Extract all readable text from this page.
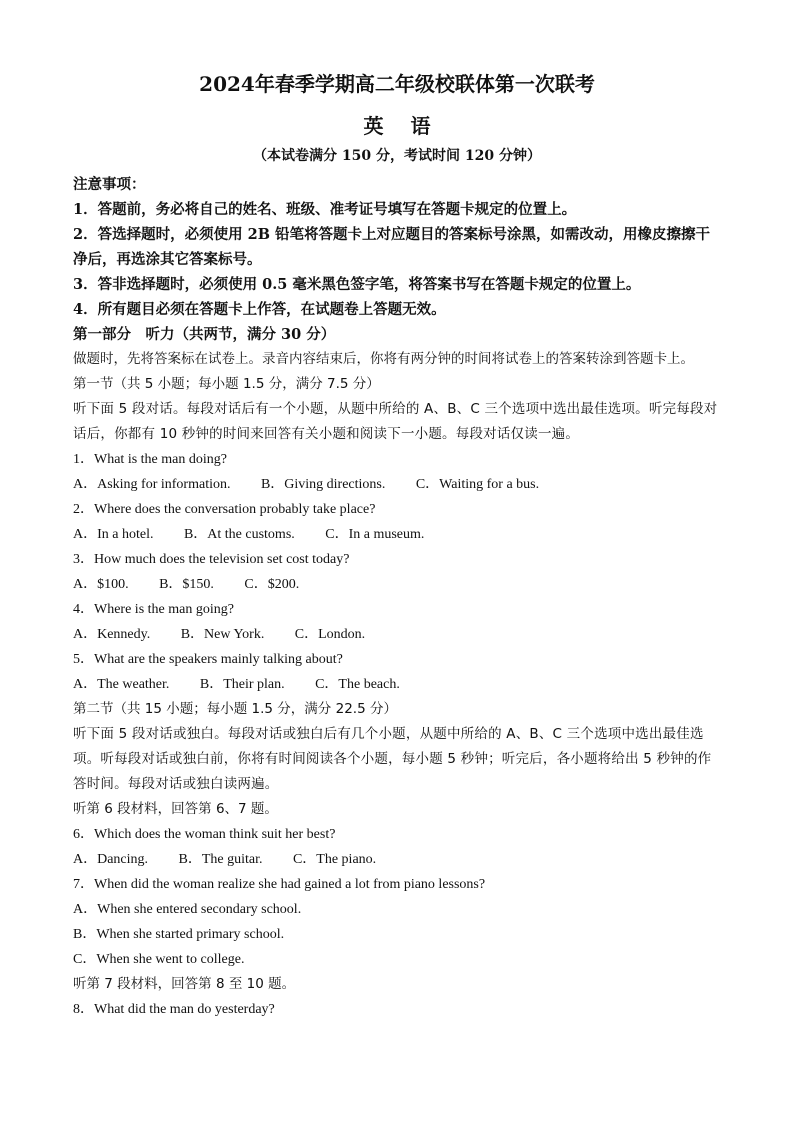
2024年春季学期高二年级校联体第一次联考
英 语
（本试卷满分 150 分，考试时间 120 分钟）
注意事项：
1．答题前，务必将自己的姓名、班级、准考证号填写在答题卡规定的位置上。
2．答选择题时，必须使用 2B 铅笔将答题卡上对应题目的答案标号涂黑，如需改动，用橡皮擦擦干净后，再选涂其它答案标号。
3．答非选择题时，必须使用 0.5 毫米黑色签字笔，将答案书写在答题卡规定的位置上。
4．所有题目必须在答题卡上作答，在试题卷上答题无效。
第一部分　听力（共两节，满分 30 分）
做题时，先将答案标在试卷上。录音内容结束后，你将有两分钟的时间将试卷上的答案转涂到答题卡上。
第一节（共 5 小题；每小题 1.5 分，满分 7.5 分）
听下面 5 段对话。每段对话后有一个小题，从题中所给的 A、B、C 三个选项中选出最佳选项。听完每段对话后，你都有 10 秒钟的时间来回答有关小题和阅读下一小题。每段对话仅读一遍。
1．What is the man doing?
A．Asking for information. B．Giving directions. C．Waiting for a bus.
2．Where does the conversation probably take place?
A．In a hotel. B．At the customs. C．In a museum.
3．How much does the television set cost today?
A．$100. B．$150. C．$200.
4．Where is the man going?
A．Kennedy. B．New York. C．London.
5．What are the speakers mainly talking about?
A．The weather. B．Their plan. C．The beach.
第二节（共 15 小题；每小题 1.5 分，满分 22.5 分）
听下面 5 段对话或独白。每段对话或独白后有几个小题，从题中所给的 A、B、C 三个选项中选出最佳选项。听每段对话或独白前，你将有时间阅读各个小题，每小题 5 秒钟；听完后，各小题将给出 5 秒钟的作答时间。每段对话或独白读两遍。
听第 6 段材料，回答第 6、7 题。
6．Which does the woman think suit her best?
A．Dancing. B．The guitar. C．The piano.
7．When did the woman realize she had gained a lot from piano lessons?
A．When she entered secondary school.
B．When she started primary school.
C．When she went to college.
听第 7 段材料，回答第 8 至 10 题。
8．What did the man do yesterday?
